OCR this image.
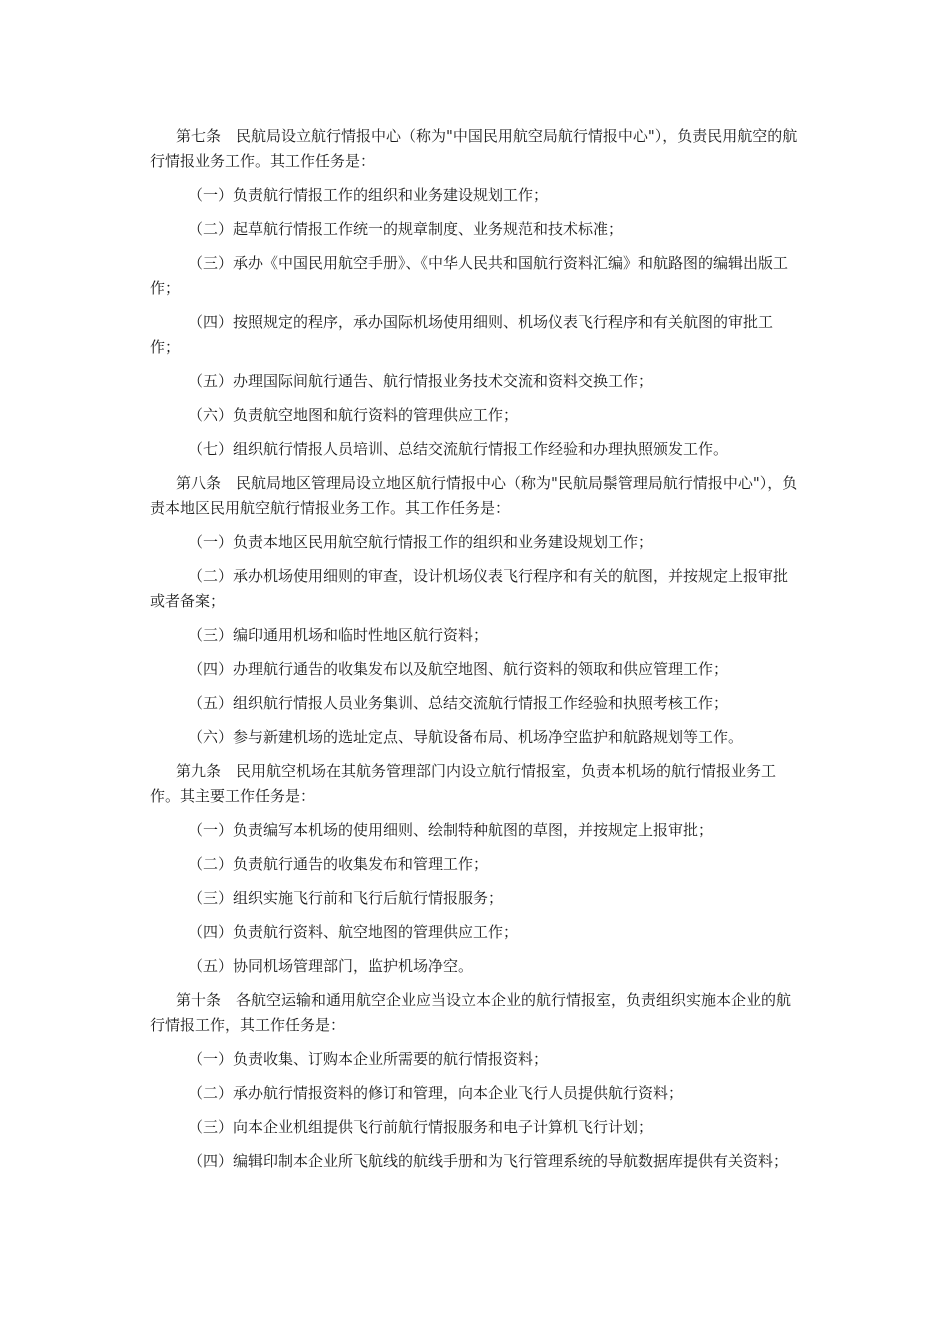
第七条　民航局设立航行情报中心（称为"中国民用航空局航行情报中心"），负责民用航空的航行情报业务工作。其工作任务是：

（一）负责航行情报工作的组织和业务建设规划工作；

（二）起草航行情报工作统一的规章制度、业务规范和技术标准；

（三）承办《中国民用航空手册》、《中华人民共和国航行资料汇编》和航路图的编辑出版工作；

（四）按照规定的程序，承办国际机场使用细则、机场仪表飞行程序和有关航图的审批工作；

（五）办理国际间航行通告、航行情报业务技术交流和资料交换工作；

（六）负责航空地图和航行资料的管理供应工作；

（七）组织航行情报人员培训、总结交流航行情报工作经验和办理执照颁发工作。

第八条　民航局地区管理局设立地区航行情报中心（称为"民航局鬃管理局航行情报中心"），负责本地区民用航空航行情报业务工作。其工作任务是：

（一）负责本地区民用航空航行情报工作的组织和业务建设规划工作；

（二）承办机场使用细则的审查，设计机场仪表飞行程序和有关的航图，并按规定上报审批或者备案；

（三）编印通用机场和临时性地区航行资料；

（四）办理航行通告的收集发布以及航空地图、航行资料的领取和供应管理工作；

（五）组织航行情报人员业务集训、总结交流航行情报工作经验和执照考核工作；

（六）参与新建机场的选址定点、导航设备布局、机场净空监护和航路规划等工作。

第九条　民用航空机场在其航务管理部门内设立航行情报室，负责本机场的航行情报业务工作。其主要工作任务是：

（一）负责编写本机场的使用细则、绘制特种航图的草图，并按规定上报审批；

（二）负责航行通告的收集发布和管理工作；

（三）组织实施飞行前和飞行后航行情报服务；

（四）负责航行资料、航空地图的管理供应工作；

（五）协同机场管理部门，监护机场净空。

第十条　各航空运输和通用航空企业应当设立本企业的航行情报室，负责组织实施本企业的航行情报工作，其工作任务是：

（一）负责收集、订购本企业所需要的航行情报资料；

（二）承办航行情报资料的修订和管理，向本企业飞行人员提供航行资料；

（三）向本企业机组提供飞行前航行情报服务和电子计算机飞行计划；

（四）编辑印制本企业所飞航线的航线手册和为飞行管理系统的导航数据库提供有关资料；
